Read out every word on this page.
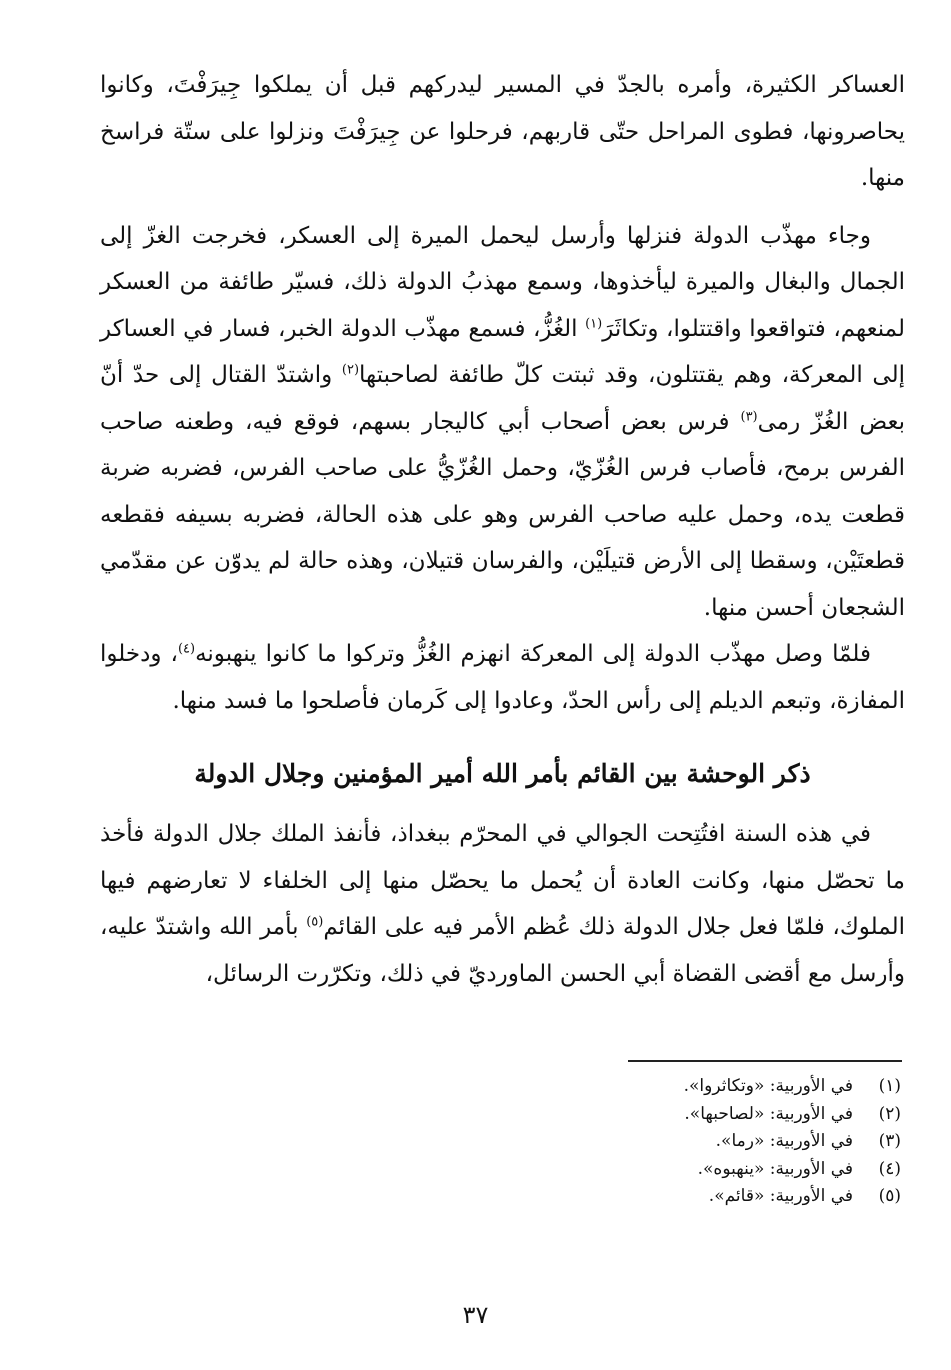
العساكر الكثيرة، وأمره بالجدّ في المسير ليدركهم قبل أن يملكوا جِيرَفْتَ، وكانوا يحاصرونها، فطوى المراحل حتّى قاربهم، فرحلوا عن جِيرَفْتَ ونزلوا على ستّة فراسخ منها.

وجاء مهذّب الدولة فنزلها وأرسل ليحمل الميرة إلى العسكر، فخرجت الغزّ إلى الجمال والبغال والميرة ليأخذوها، وسمع مهذبُ الدولة ذلك، فسيّر طائفة من العسكر لمنعهم، فتواقعوا واقتتلوا، وتكاثَرَ$^{(١)}$ الغُزُّ، فسمع مهذّب الدولة الخبر، فسار في العساكر إلى المعركة، وهم يقتتلون، وقد ثبتت كلّ طائفة لصاحبتها$^{(٢)}$ واشتدّ القتال إلى حدّ أنّ بعض الغُزّ رمى$^{(٣)}$ فرس بعض أصحاب أبي كاليجار بسهم، فوقع فيه، وطعنه صاحب الفرس برمح، فأصاب فرس الغُزّيّ، وحمل الغُزّيُّ على صاحب الفرس، فضربه ضربة قطعت يده، وحمل عليه صاحب الفرس وهو على هذه الحالة، فضربه بسيفه فقطعه قطعتَيْن، وسقطا إلى الأرض قتيلَيْن، والفرسان قتيلان، وهذه حالة لم يدوّن عن مقدّمي الشجعان أحسن منها.

فلمّا وصل مهذّب الدولة إلى المعركة انهزم الغُزُّ وتركوا ما كانوا ينهبونه$^{(٤)}$، ودخلوا المفازة، وتبعم الديلم إلى رأس الحدّ، وعادوا إلى كَرمان فأصلحوا ما فسد منها.

ذكر الوحشة بين القائم بأمر الله أمير المؤمنين وجلال الدولة

في هذه السنة افتُتِحت الجوالي في المحرّم ببغداذ، فأنفذ الملك جلال الدولة فأخذ ما تحصّل منها، وكانت العادة أن يُحمل ما يحصّل منها إلى الخلفاء لا تعارضهم فيها الملوك، فلمّا فعل جلال الدولة ذلك عُظم الأمر فيه على القائم$^{(٥)}$ بأمر الله واشتدّ عليه، وأرسل مع أقضى القضاة أبي الحسن الماورديّ في ذلك، وتكرّرت الرسائل،

(١)
في الأوربية: «وتكاثروا».
(٢)
في الأوربية: «لصاحبها».
(٣)
في الأوربية: «رما».
(٤)
في الأوربية: «ينهبوه».
(٥)
في الأوربية: «قائم».
٣٧
